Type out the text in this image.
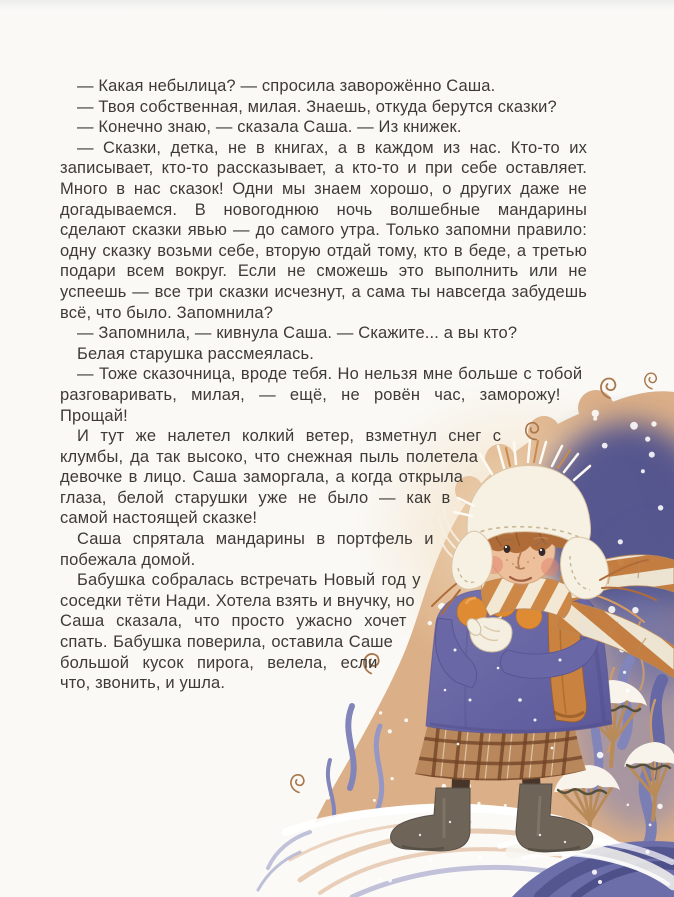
— Какая небылица? — спросила заворожённо Саша.

— Твоя собственная, милая. Знаешь, откуда берутся сказки?

— Конечно знаю, — сказала Саша. — Из книжек.

— Сказки, детка, не в книгах, а в каждом из нас. Кто-то их записывает, кто-то рассказывает, а кто-то и при себе оставляет. Много в нас сказок! Одни мы знаем хорошо, о других даже не догадываемся. В новогоднюю ночь волшебные мандарины сделают сказки явью — до самого утра. Только запомни правило: одну сказку возьми себе, вторую отдай тому, кто в беде, а третью подари всем вокруг. Если не сможешь это выполнить или не успеешь — все три сказки исчезнут, а сама ты навсегда забудешь всё, что было. Запомнила?

— Запомнила, — кивнула Саша. — Скажите... а вы кто?

Белая старушка рассмеялась.

— Тоже сказочница, вроде тебя. Но нельзя мне больше с тобой разговаривать, милая, — ещё, не ровён час, заморожу! Прощай!

И тут же налетел колкий ветер, взметнул снег с клумбы, да так высоко, что снежная пыль полетела девочке в лицо. Саша заморгала, а когда открыла глаза, белой старушки уже не было — как в самой настоящей сказке!

Саша спрятала мандарины в портфель и побежала домой.

Бабушка собралась встречать Новый год у соседки тёти Нади. Хотела взять и внучку, но Саша сказала, что просто ужасно хочет спать. Бабушка поверила, оставила Саше большой кусок пирога, велела, если что, звонить, и ушла.
